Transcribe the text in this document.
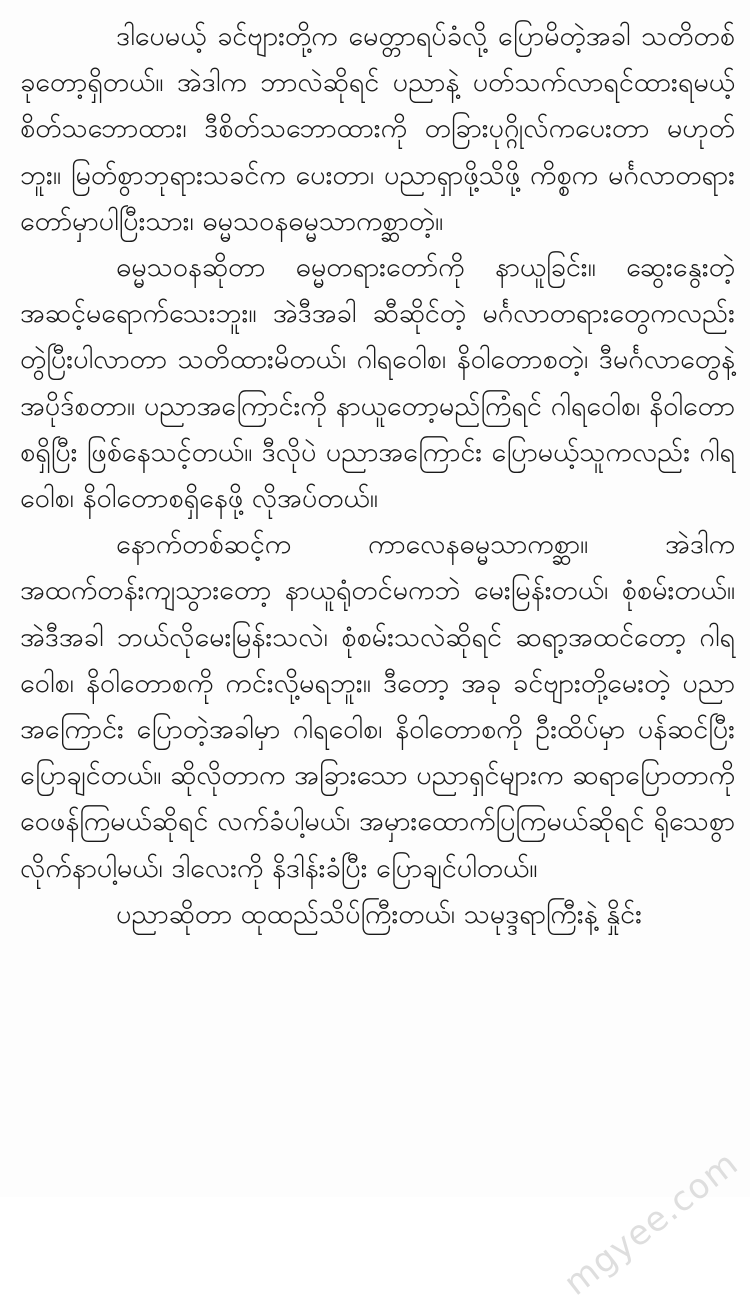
ဒါပေမယ့် ခင်ဗျားတို့က မေတ္တာရပ်ခံလို့ ပြောမိတဲ့အခါ သတိတစ်ခုတော့ရှိတယ်။ အဲဒါက ဘာလဲဆိုရင် ပညာနဲ့ ပတ်သက်လာရင်ထားရမယ့် စိတ်သဘောထား၊ ဒီစိတ်သဘောထားကို တခြားပုဂ္ဂိုလ်ကပေးတာ မဟုတ်ဘူး။ မြတ်စွာဘုရားသခင်က ပေးတာ၊ ပညာရှာဖို့သိဖို့ ကိစ္စက မင်္ဂလာတရားတော်မှာပါပြီးသား၊ ဓမ္မသဝနဓမ္မသာကစ္ဆာတဲ့။

ဓမ္မသဝနဆိုတာ ဓမ္မတရားတော်ကို နာယူခြင်း။ ဆွေးနွေးတဲ့ အဆင့်မရောက်သေးဘူး။ အဲဒီအခါ ဆီဆိုင်တဲ့ မင်္ဂလာတရားတွေကလည်း တွဲပြီးပါလာတာ သတိထားမိတယ်၊ ဂါရဝေါစ၊ နိဝါတောစတဲ့၊ ဒီမင်္ဂလာတွေနဲ့ အပိုဒ်စတာ။ ပညာအကြောင်းကို နာယူတော့မည်ကြံရင် ဂါရဝေါစ၊ နိဝါတောစရှိပြီး ဖြစ်နေသင့်တယ်။ ဒီလိုပဲ ပညာအကြောင်း ပြောမယ့်သူကလည်း ဂါရဝေါစ၊ နိဝါတောစရှိနေဖို့ လိုအပ်တယ်။

နောက်တစ်ဆင့်က ကာလေနဓမ္မသာကစ္ဆာ။ အဲဒါက အထက်တန်းကျသွားတော့ နာယူရုံတင်မကဘဲ မေးမြန်းတယ်၊ စုံစမ်းတယ်။ အဲဒီအခါ ဘယ်လိုမေးမြန်းသလဲ၊ စုံစမ်းသလဲဆိုရင် ဆရာ့အထင်တော့ ဂါရဝေါစ၊ နိဝါတောစကို ကင်းလို့မရဘူး။ ဒီတော့ အခု ခင်ဗျားတို့မေးတဲ့ ပညာအကြောင်း ပြောတဲ့အခါမှာ ဂါရဝေါစ၊ နိဝါတောစကို ဦးထိပ်မှာ ပန်ဆင်ပြီး ပြောချင်တယ်။ ဆိုလိုတာက အခြားသော ပညာရှင်များက ဆရာပြောတာကို ဝေဖန်ကြမယ်ဆိုရင် လက်ခံပါ့မယ်၊ အမှားထောက်ပြကြမယ်ဆိုရင် ရိုသေစွာ လိုက်နာပါ့မယ်၊ ဒါလေးကို နိဒါန်းခံပြီး ပြောချင်ပါတယ်။

ပညာဆိုတာ ထုထည်သိပ်ကြီးတယ်၊ သမုဒ္ဒရာကြီးနဲ့ နှိုင်း

mgyee.com
